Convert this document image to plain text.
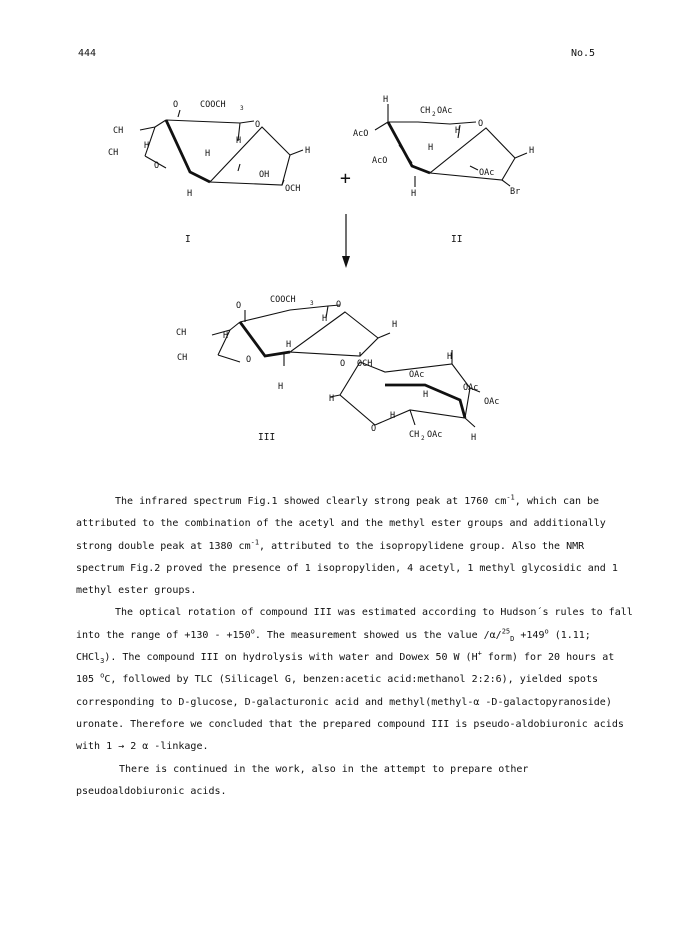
444	No.5
O	COOCH 3
O
CH
CH
O
H
H
H
H
H
OH
OCH
I
H
CH 2 OAc
O
AcO
AcO
H
H	H
H
OAc
Br
II
+
O
COOCH 3	O
CH
CH	O
H
H
H
H
H
O OCH
OAc
OAc
OAc
H
H
H
H
H
CH 2 OAc
O
III

The infrared spectrum Fig.1 showed clearly strong peak at 1760 $cm^{-1}$, which can be attributed to the combination of the acetyl and the methyl ester groups and additionally strong double peak at 1380 $cm^{-1}$, attributed to the isopropylidene group. Also the NMR spectrum Fig.2 proved the presence of 1 isopropyliden, 4 acetyl, 1 methyl glycosidic and 1 methyl ester groups.

The optical rotation of compound III was estimated according to Hudson´s rules to fall into the range of $+130 - +150^o$. The measurement showed us the value $/\alpha/^{25}_D +149^o$ (1.11; CHCl$_3$). The compound III on hydrolysis with water and Dowex 50 W (H+ form) for 20 hours at 105 $^o$C, followed by TLC (Silicagel G, benzen:acetic acid:methanol 2:2:6), yielded spots corresponding to D-glucose, D-galacturonic acid and methyl(methyl-α -D-galactopyranoside) uronate. Therefore we concluded that the prepared compound III is pseudo-aldobiuronic acids with 1 → 2 α -linkage.

There is continued in the work, also in the attempt to prepare other pseudoaldobiuronic acids.
